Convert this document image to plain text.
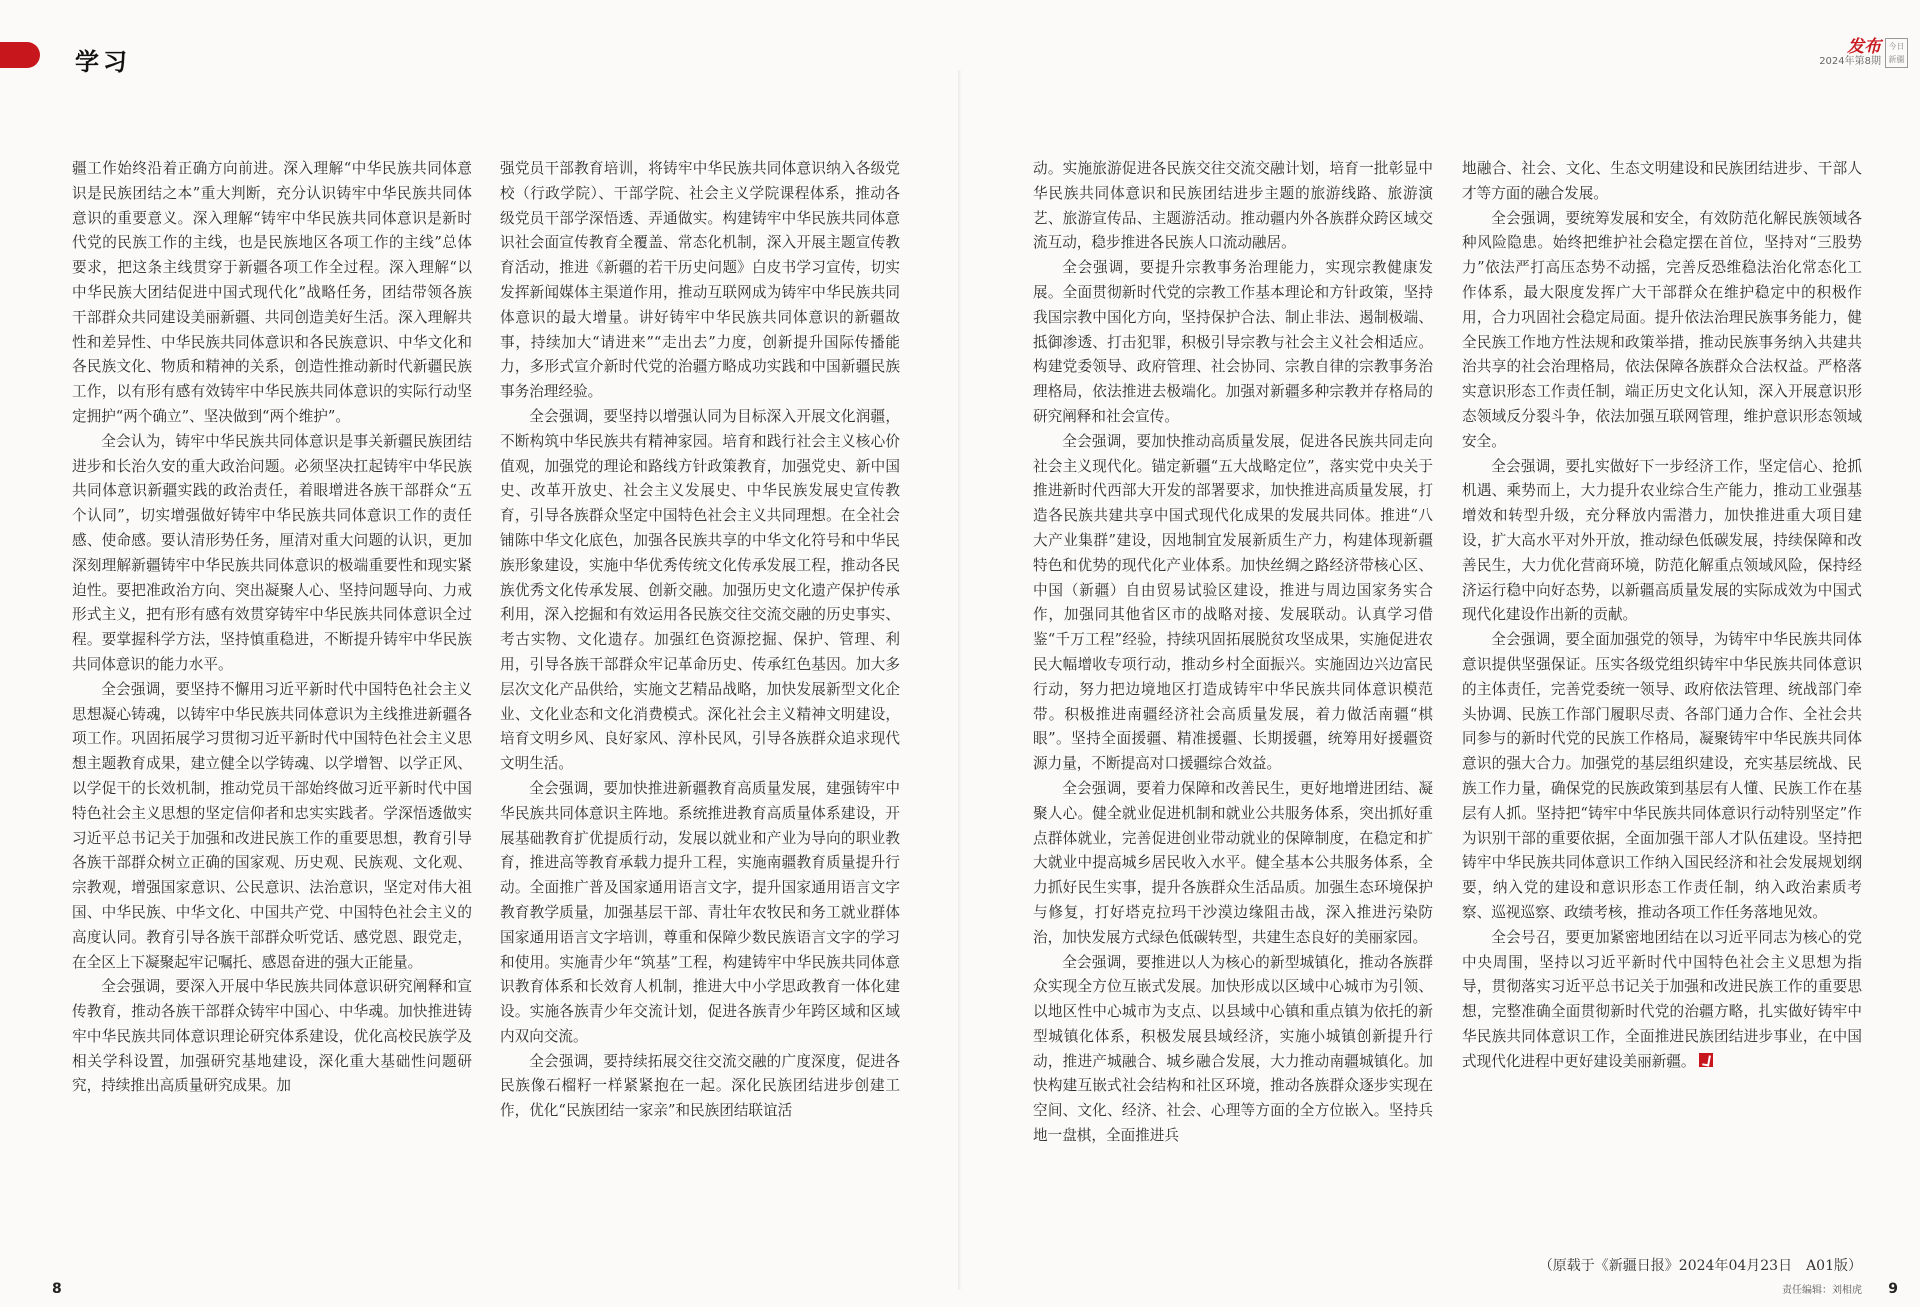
学习
发布
2024年第8期
今日新疆

疆工作始终沿着正确方向前进。深入理解“中华民族共同体意识是民族团结之本”重大判断，充分认识铸牢中华民族共同体意识的重要意义。深入理解“铸牢中华民族共同体意识是新时代党的民族工作的主线，也是民族地区各项工作的主线”总体要求，把这条主线贯穿于新疆各项工作全过程。深入理解“以中华民族大团结促进中国式现代化”战略任务，团结带领各族干部群众共同建设美丽新疆、共同创造美好生活。深入理解共性和差异性、中华民族共同体意识和各民族意识、中华文化和各民族文化、物质和精神的关系，创造性推动新时代新疆民族工作，以有形有感有效铸牢中华民族共同体意识的实际行动坚定拥护“两个确立”、坚决做到“两个维护”。

全会认为，铸牢中华民族共同体意识是事关新疆民族团结进步和长治久安的重大政治问题。必须坚决扛起铸牢中华民族共同体意识新疆实践的政治责任，着眼增进各族干部群众“五个认同”，切实增强做好铸牢中华民族共同体意识工作的责任感、使命感。要认清形势任务，厘清对重大问题的认识，更加深刻理解新疆铸牢中华民族共同体意识的极端重要性和现实紧迫性。要把准政治方向、突出凝聚人心、坚持问题导向、力戒形式主义，把有形有感有效贯穿铸牢中华民族共同体意识全过程。要掌握科学方法，坚持慎重稳进，不断提升铸牢中华民族共同体意识的能力水平。

全会强调，要坚持不懈用习近平新时代中国特色社会主义思想凝心铸魂，以铸牢中华民族共同体意识为主线推进新疆各项工作。巩固拓展学习贯彻习近平新时代中国特色社会主义思想主题教育成果，建立健全以学铸魂、以学增智、以学正风、以学促干的长效机制，推动党员干部始终做习近平新时代中国特色社会主义思想的坚定信仰者和忠实实践者。学深悟透做实习近平总书记关于加强和改进民族工作的重要思想，教育引导各族干部群众树立正确的国家观、历史观、民族观、文化观、宗教观，增强国家意识、公民意识、法治意识，坚定对伟大祖国、中华民族、中华文化、中国共产党、中国特色社会主义的高度认同。教育引导各族干部群众听党话、感党恩、跟党走，在全区上下凝聚起牢记嘱托、感恩奋进的强大正能量。

全会强调，要深入开展中华民族共同体意识研究阐释和宣传教育，推动各族干部群众铸牢中国心、中华魂。加快推进铸牢中华民族共同体意识理论研究体系建设，优化高校民族学及相关学科设置，加强研究基地建设，深化重大基础性问题研究，持续推出高质量研究成果。加

强党员干部教育培训，将铸牢中华民族共同体意识纳入各级党校（行政学院）、干部学院、社会主义学院课程体系，推动各级党员干部学深悟透、弄通做实。构建铸牢中华民族共同体意识社会面宣传教育全覆盖、常态化机制，深入开展主题宣传教育活动，推进《新疆的若干历史问题》白皮书学习宣传，切实发挥新闻媒体主渠道作用，推动互联网成为铸牢中华民族共同体意识的最大增量。讲好铸牢中华民族共同体意识的新疆故事，持续加大“请进来”“走出去”力度，创新提升国际传播能力，多形式宣介新时代党的治疆方略成功实践和中国新疆民族事务治理经验。

全会强调，要坚持以增强认同为目标深入开展文化润疆，不断构筑中华民族共有精神家园。培育和践行社会主义核心价值观，加强党的理论和路线方针政策教育，加强党史、新中国史、改革开放史、社会主义发展史、中华民族发展史宣传教育，引导各族群众坚定中国特色社会主义共同理想。在全社会铺陈中华文化底色，加强各民族共享的中华文化符号和中华民族形象建设，实施中华优秀传统文化传承发展工程，推动各民族优秀文化传承发展、创新交融。加强历史文化遗产保护传承利用，深入挖掘和有效运用各民族交往交流交融的历史事实、考古实物、文化遗存。加强红色资源挖掘、保护、管理、利用，引导各族干部群众牢记革命历史、传承红色基因。加大多层次文化产品供给，实施文艺精品战略，加快发展新型文化企业、文化业态和文化消费模式。深化社会主义精神文明建设，培育文明乡风、良好家风、淳朴民风，引导各族群众追求现代文明生活。

全会强调，要加快推进新疆教育高质量发展，建强铸牢中华民族共同体意识主阵地。系统推进教育高质量体系建设，开展基础教育扩优提质行动，发展以就业和产业为导向的职业教育，推进高等教育承载力提升工程，实施南疆教育质量提升行动。全面推广普及国家通用语言文字，提升国家通用语言文字教育教学质量，加强基层干部、青壮年农牧民和务工就业群体国家通用语言文字培训，尊重和保障少数民族语言文字的学习和使用。实施青少年“筑基”工程，构建铸牢中华民族共同体意识教育体系和长效育人机制，推进大中小学思政教育一体化建设。实施各族青少年交流计划，促进各族青少年跨区域和区域内双向交流。

全会强调，要持续拓展交往交流交融的广度深度，促进各民族像石榴籽一样紧紧抱在一起。深化民族团结进步创建工作，优化“民族团结一家亲”和民族团结联谊活

动。实施旅游促进各民族交往交流交融计划，培育一批彰显中华民族共同体意识和民族团结进步主题的旅游线路、旅游演艺、旅游宣传品、主题游活动。推动疆内外各族群众跨区域交流互动，稳步推进各民族人口流动融居。

全会强调，要提升宗教事务治理能力，实现宗教健康发展。全面贯彻新时代党的宗教工作基本理论和方针政策，坚持我国宗教中国化方向，坚持保护合法、制止非法、遏制极端、抵御渗透、打击犯罪，积极引导宗教与社会主义社会相适应。构建党委领导、政府管理、社会协同、宗教自律的宗教事务治理格局，依法推进去极端化。加强对新疆多种宗教并存格局的研究阐释和社会宣传。

全会强调，要加快推动高质量发展，促进各民族共同走向社会主义现代化。锚定新疆“五大战略定位”，落实党中央关于推进新时代西部大开发的部署要求，加快推进高质量发展，打造各民族共建共享中国式现代化成果的发展共同体。推进“八大产业集群”建设，因地制宜发展新质生产力，构建体现新疆特色和优势的现代化产业体系。加快丝绸之路经济带核心区、中国（新疆）自由贸易试验区建设，推进与周边国家务实合作，加强同其他省区市的战略对接、发展联动。认真学习借鉴“千万工程”经验，持续巩固拓展脱贫攻坚成果，实施促进农民大幅增收专项行动，推动乡村全面振兴。实施固边兴边富民行动，努力把边境地区打造成铸牢中华民族共同体意识模范带。积极推进南疆经济社会高质量发展，着力做活南疆“棋眼”。坚持全面援疆、精准援疆、长期援疆，统筹用好援疆资源力量，不断提高对口援疆综合效益。

全会强调，要着力保障和改善民生，更好地增进团结、凝聚人心。健全就业促进机制和就业公共服务体系，突出抓好重点群体就业，完善促进创业带动就业的保障制度，在稳定和扩大就业中提高城乡居民收入水平。健全基本公共服务体系，全力抓好民生实事，提升各族群众生活品质。加强生态环境保护与修复，打好塔克拉玛干沙漠边缘阻击战，深入推进污染防治，加快发展方式绿色低碳转型，共建生态良好的美丽家园。

全会强调，要推进以人为核心的新型城镇化，推动各族群众实现全方位互嵌式发展。加快形成以区域中心城市为引领、以地区性中心城市为支点、以县域中心镇和重点镇为依托的新型城镇化体系，积极发展县域经济，实施小城镇创新提升行动，推进产城融合、城乡融合发展，大力推动南疆城镇化。加快构建互嵌式社会结构和社区环境，推动各族群众逐步实现在空间、文化、经济、社会、心理等方面的全方位嵌入。坚持兵地一盘棋，全面推进兵

地融合、社会、文化、生态文明建设和民族团结进步、干部人才等方面的融合发展。

全会强调，要统筹发展和安全，有效防范化解民族领域各种风险隐患。始终把维护社会稳定摆在首位，坚持对“三股势力”依法严打高压态势不动摇，完善反恐维稳法治化常态化工作体系，最大限度发挥广大干部群众在维护稳定中的积极作用，合力巩固社会稳定局面。提升依法治理民族事务能力，健全民族工作地方性法规和政策举措，推动民族事务纳入共建共治共享的社会治理格局，依法保障各族群众合法权益。严格落实意识形态工作责任制，端正历史文化认知，深入开展意识形态领域反分裂斗争，依法加强互联网管理，维护意识形态领域安全。

全会强调，要扎实做好下一步经济工作，坚定信心、抢抓机遇、乘势而上，大力提升农业综合生产能力，推动工业强基增效和转型升级，充分释放内需潜力，加快推进重大项目建设，扩大高水平对外开放，推动绿色低碳发展，持续保障和改善民生，大力优化营商环境，防范化解重点领域风险，保持经济运行稳中向好态势，以新疆高质量发展的实际成效为中国式现代化建设作出新的贡献。

全会强调，要全面加强党的领导，为铸牢中华民族共同体意识提供坚强保证。压实各级党组织铸牢中华民族共同体意识的主体责任，完善党委统一领导、政府依法管理、统战部门牵头协调、民族工作部门履职尽责、各部门通力合作、全社会共同参与的新时代党的民族工作格局，凝聚铸牢中华民族共同体意识的强大合力。加强党的基层组织建设，充实基层统战、民族工作力量，确保党的民族政策到基层有人懂、民族工作在基层有人抓。坚持把“铸牢中华民族共同体意识行动特别坚定”作为识别干部的重要依据，全面加强干部人才队伍建设。坚持把铸牢中华民族共同体意识工作纳入国民经济和社会发展规划纲要，纳入党的建设和意识形态工作责任制，纳入政治素质考察、巡视巡察、政绩考核，推动各项工作任务落地见效。

全会号召，要更加紧密地团结在以习近平同志为核心的党中央周围，坚持以习近平新时代中国特色社会主义思想为指导，贯彻落实习近平总书记关于加强和改进民族工作的重要思想，完整准确全面贯彻新时代党的治疆方略，扎实做好铸牢中华民族共同体意识工作，全面推进民族团结进步事业，在中国式现代化进程中更好建设美丽新疆。

（原载于《新疆日报》2024年04月23日　A01版）
责任编辑：刘相虎
8	9
